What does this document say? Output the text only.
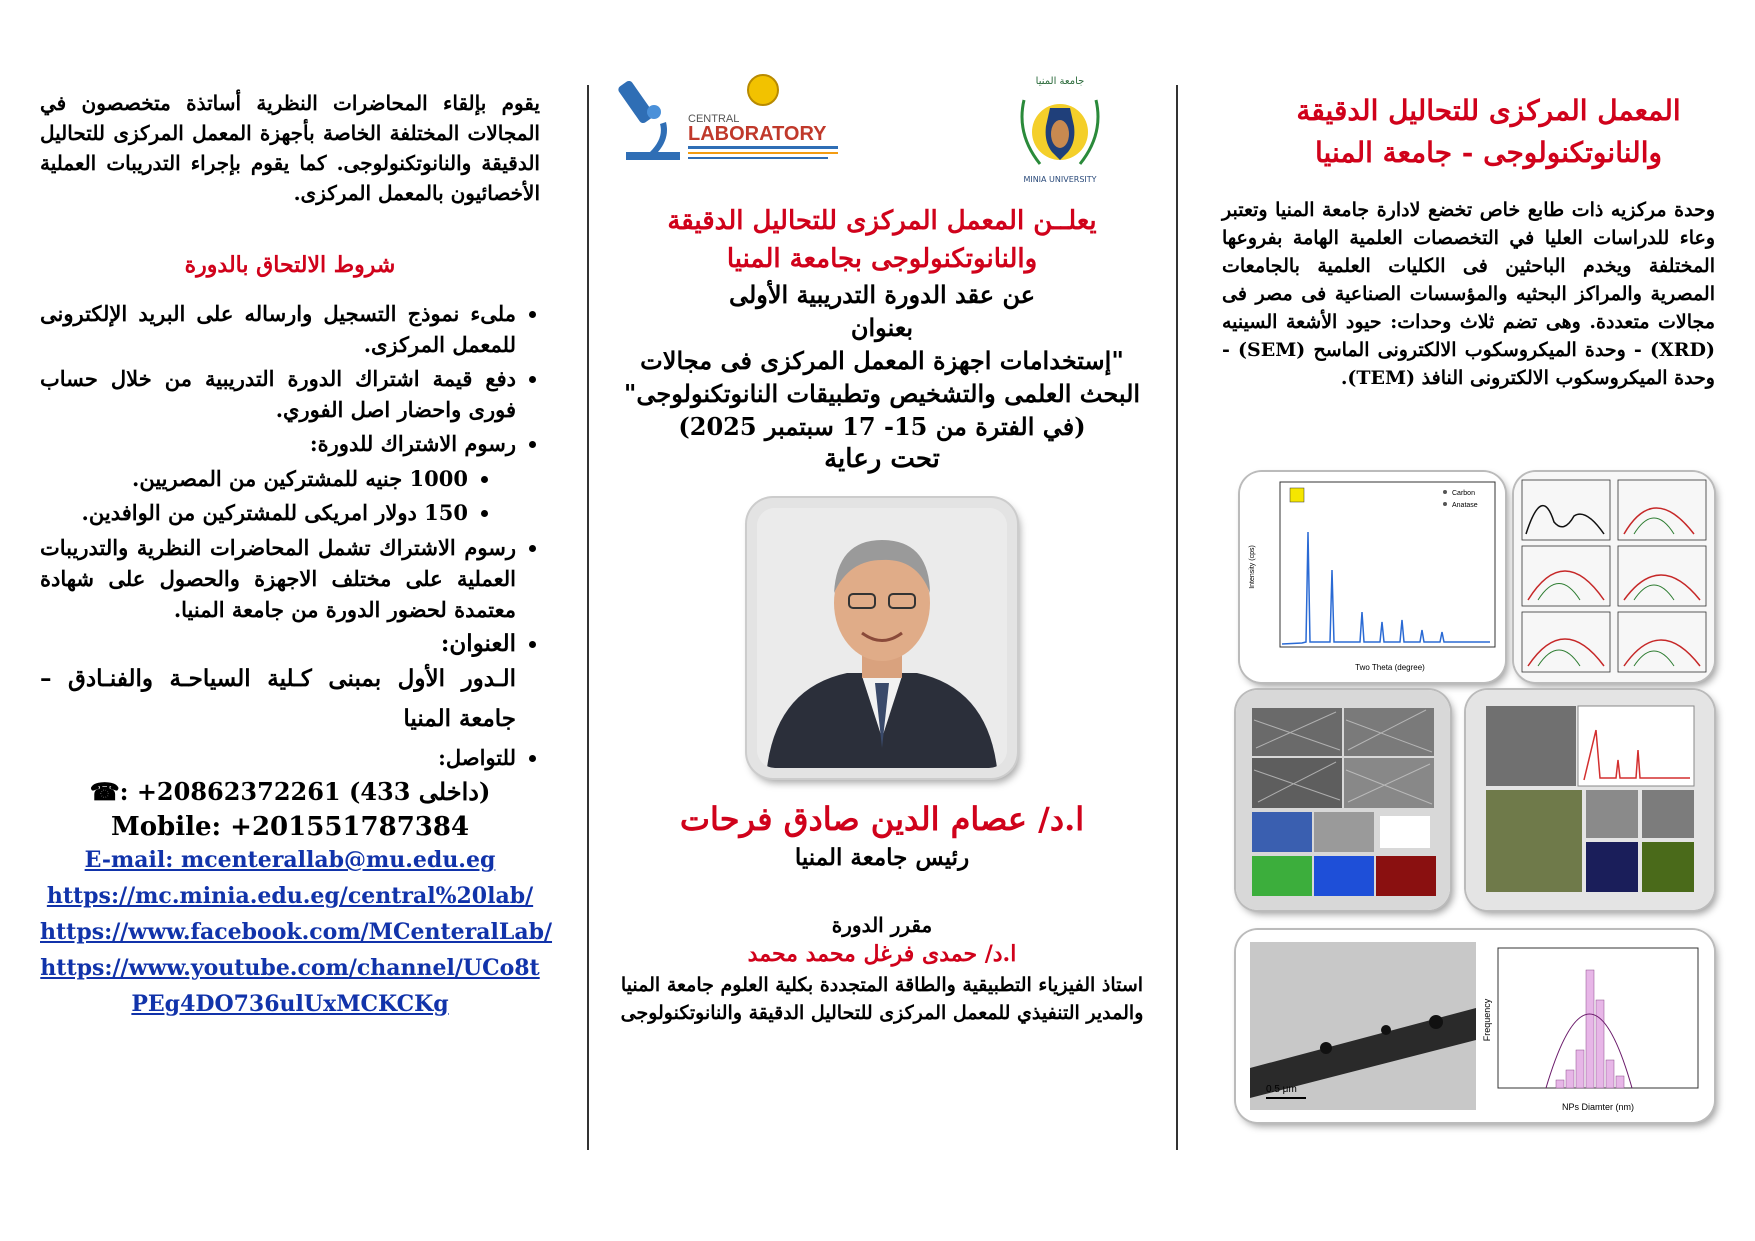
يقوم بإلقاء المحاضرات النظرية أساتذة متخصصون في المجالات المختلفة الخاصة بأجهزة المعمل المركزى للتحاليل الدقيقة والنانوتكنولوجى. كما يقوم بإجراء التدريبات العملية الأخصائيون بالمعمل المركزى.
شروط الالتحاق بالدورة
• ملىء نموذج التسجيل وارساله على البريد الإلكترونى للمعمل المركزى.
• دفع قيمة اشتراك الدورة التدريبية من خلال حساب فورى واحضار اصل الفوري.
• رسوم الاشتراك للدورة:
• 1000 جنيه للمشتركين من المصريين.
• 150 دولار امريكى للمشتركين من الوافدين.
• رسوم الاشتراك تشمل المحاضرات النظرية والتدريبات العملية على مختلف الاجهزة والحصول على شهادة معتمدة لحضور الدورة من جامعة المنيا.
• العنوان:
الـدور الأول بمبنى كـلية السياحـة والفنـادق – جامعة المنيا
• للتواصل:
☎: +20862372261 (داخلى 433)
Mobile: +201551787384
E-mail: mcenterallab@mu.edu.eg
https://mc.minia.edu.eg/central%20lab/
https://www.facebook.com/MCenteralLab/
https://www.youtube.com/channel/UCo8t
PEg4DO736ulUxMCKCKg
CENTRAL
LABORATORY
جامعة المنيا
MINIA UNIVERSITY
يعلــن المعمل المركزى للتحاليل الدقيقة والنانوتكنولوجى بجامعة المنيا
عن عقد الدورة التدريبية الأولى
بعنوان
"إستخدامات اجهزة المعمل المركزى فى مجالات البحث العلمى والتشخيص وتطبيقات النانوتكنولوجى"
(في الفترة من 15- 17 سبتمبر 2025)
تحت رعاية
ا.د/ عصام الدين صادق فرحات
رئيس جامعة المنيا
مقرر الدورة
ا.د/ حمدى فرغل محمد محمد
استاذ الفيزياء التطبيقية والطاقة المتجددة بكلية العلوم جامعة المنيا والمدير التنفيذي للمعمل المركزى للتحاليل الدقيقة والنانوتكنولوجى
المعمل المركزى للتحاليل الدقيقة والنانوتكنولوجى - جامعة المنيا
وحدة مركزيه ذات طابع خاص تخضع لادارة جامعة المنيا وتعتبر وعاء للدراسات العليا في التخصصات العلمية الهامة بفروعها المختلفة ويخدم الباحثين فى الكليات العلمية بالجامعات المصرية والمراكز البحثيه والمؤسسات الصناعية فى مصر فى مجالات متعددة. وهى تضم ثلاث وحدات: حيود الأشعة السينيه (XRD) - وحدة الميكروسكوب الالكترونى الماسح (SEM) - وحدة الميكروسكوب الالكترونى النافذ (TEM).
Carbon
Anatase
Two Theta (degree)
Intensity (cps)
0.5 μm
NPs Diamter (nm)
Frequency
